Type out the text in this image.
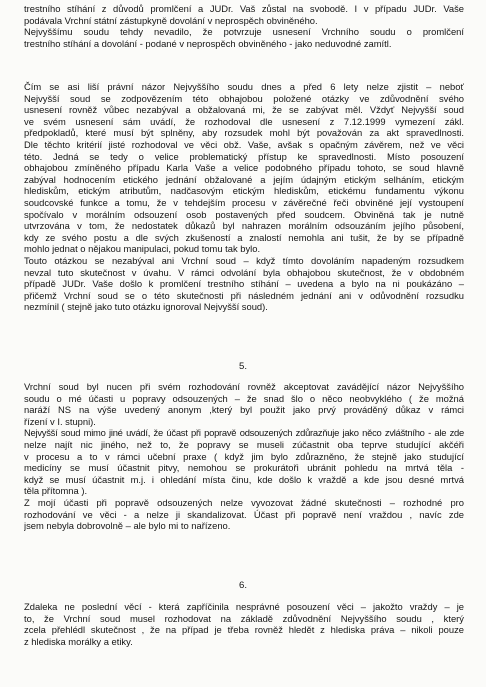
trestního stíhání z důvodů promlčení a JUDr. Vaš zůstal na svobodě. I v případu JUDr. Vaše
podávala Vrchní státní zástupkyně dovolání v neprospěch obviněného.
Nejvyššímu soudu tehdy nevadilo, že potvrzuje usnesení Vrchního soudu o promlčení
trestního stíhání a dovolání - podané v neprospěch obviněného - jako neduvodné zamítl.
Čím se asi liší právní názor Nejvyššího soudu dnes a před 6 lety nelze zjistit – neboť
Nejvyšší soud se zodpovězením této obhajobou položené otázky ve zdůvodnění svého
usnesení rovněž vůbec nezabýval a obžalovaná mi, že se zabývat měl. Vždyť Nejvyšší soud
ve svém usnesení sám uvádí, že rozhodoval dle usnesení z 7.12.1999 vymezení zákl.
předpokladů, které musí být splněny, aby rozsudek mohl být považován za akt spravedlnosti.
Dle těchto kritérií jisté rozhodoval ve věci obž. Vaše, avšak s opačným závěrem, než ve věci
této. Jedná se tedy o velice problematický přístup ke spravedlnosti. Místo posouzení
obhajobou zmíněného případu Karla Vaše a velice podobného případu tohoto, se soud hlavně
zabýval hodnocením etického jednání obžalované a jejím údajným etickým selháním, etickým
hlediskům, etickým atributům, nadčasovým etickým hlediskům, etickému fundamentu výkonu
soudcovské funkce a tomu, že v tehdejším procesu v závěrečné řeči obviněné její vystoupení
spočívalo v morálním odsouzení osob postavených před soudcem. Obviněná tak je nutně
utvrzována v tom, že nedostatek důkazů byl nahrazen morálním odsouzáním jejího působení,
kdy ze svého postu a dle svých zkušeností a znalostí nemohla ani tušit, že by se případně
mohlo jednat o nějakou manipulaci, pokud tomu tak bylo.
Touto otázkou se nezabýval ani Vrchní soud – když tímto dovoláním napadeným rozsudkem
nevzal tuto skutečnost v úvahu. V rámci odvolání byla obhajobou skutečnost, že v obdobném
případě JUDr. Vaše došlo k promlčení trestního stíhání – uvedena a bylo na ni poukázáno –
přičemž Vrchní soud se o této skutečnosti při následném jednání ani v odůvodnění rozsudku
nezmínil ( stejně jako tuto otázku ignoroval Nejvyšší soud).
5.
Vrchní soud byl nucen při svém rozhodování rovněž akceptovat zavádějící názor Nejvyššího
soudu o mé účasti u popravy odsouzených – že snad šlo o něco neobvyklého ( že možná
naráží NS na výše uvedený anonym ,který byl použit jako prvý prováděný důkaz v rámci
řízení v I. stupni).
Nejvyšší soud mimo jiné uvádí, že účast při popravě odsouzených zdůrazňuje jako něco zvláštního - ale zde
nelze najít nic jiného, než to, že popravy se museli zúčastnit oba teprve studující akčéři
v procesu a to v rámci učební praxe ( když jim bylo zdůrazněno, že stejně jako studující
medicíny se musí účastnit pitvy, nemohou se prokurátoři ubránit pohledu na mrtvá těla -
když se musí účastnit m.j. i ohledání místa činu, kde došlo k vraždě a kde jsou desné mrtvá
těla přítomna ).
Z mojí účasti při popravě odsouzených nelze vyvozovat žádné skutečnosti – rozhodné pro
rozhodování ve věci - a nelze ji skandalizovat. Účast při popravě není vraždou , navíc zde
jsem nebyla dobrovolně – ale bylo mi to nařízeno.
6.
Zdaleka ne poslední věcí - která zapříčinila nesprávné posouzení věci – jakožto vraždy – je
to, že Vrchní soud musel rozhodovat na základě zdůvodnění Nejvyššího soudu , který
zcela přehlédl skutečnost , že na případ je třeba rovněž hledět z hlediska práva – nikoli pouze
z hlediska morálky a etiky.
